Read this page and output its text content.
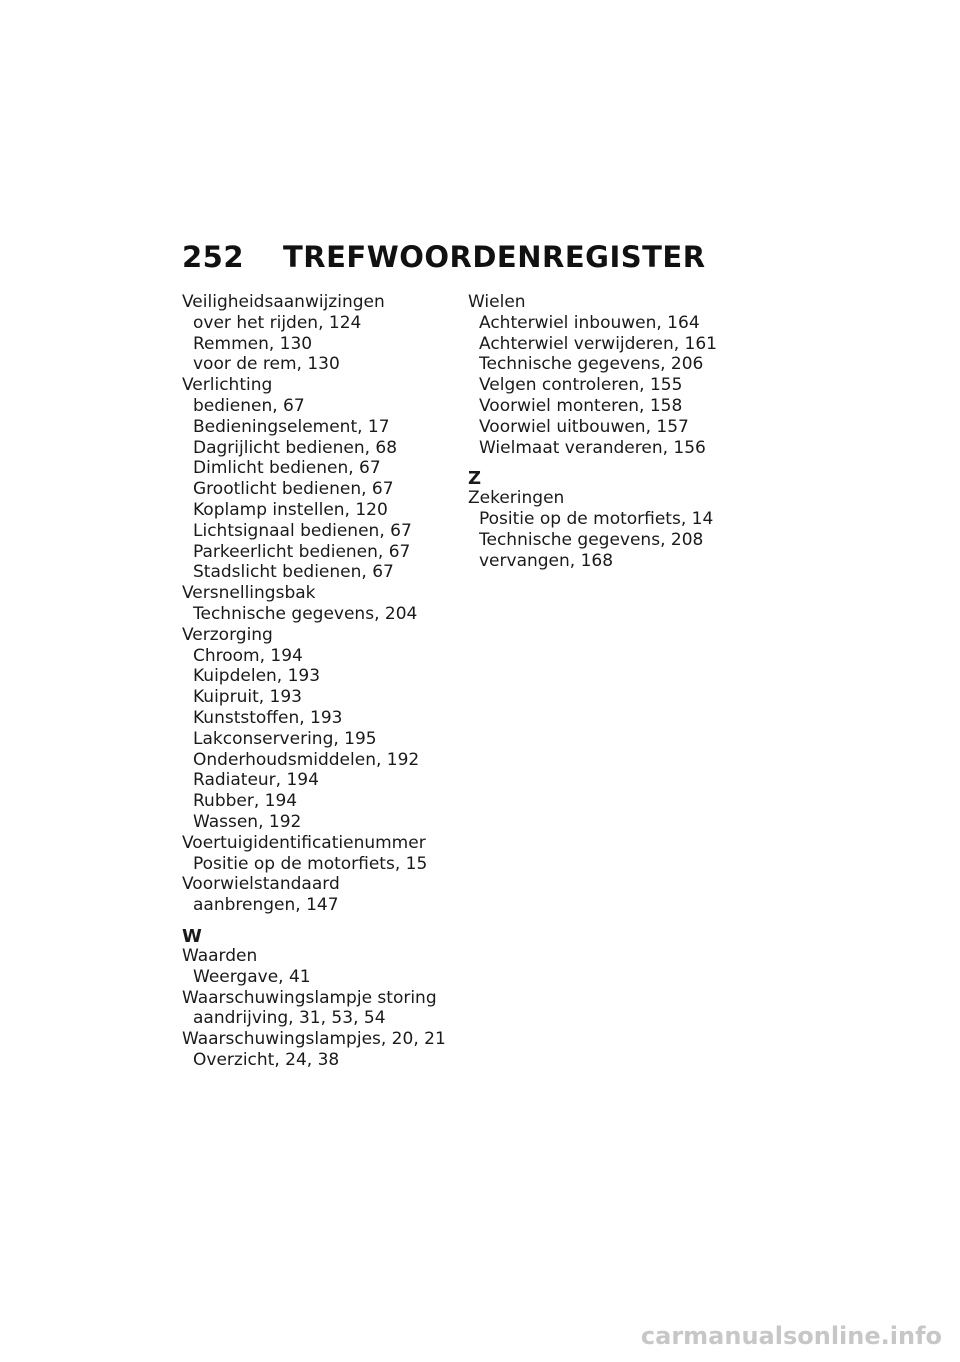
252 TREFWOORDENREGISTER
Veiligheidsaanwijzingen
over het rijden, 124
Remmen, 130
voor de rem, 130
Verlichting
bedienen, 67
Bedieningselement, 17
Dagrijlicht bedienen, 68
Dimlicht bedienen, 67
Grootlicht bedienen, 67
Koplamp instellen, 120
Lichtsignaal bedienen, 67
Parkeerlicht bedienen, 67
Stadslicht bedienen, 67
Versnellingsbak
Technische gegevens, 204
Verzorging
Chroom, 194
Kuipdelen, 193
Kuipruit, 193
Kunststoffen, 193
Lakconservering, 195
Onderhoudsmiddelen, 192
Radiateur, 194
Rubber, 194
Wassen, 192
Voertuigidentificatienummer
Positie op de motorfiets, 15
Voorwielstandaard
aanbrengen, 147
W
Waarden
Weergave, 41
Waarschuwingslampje storing
aandrijving, 31, 53, 54
Waarschuwingslampjes, 20, 21
Overzicht, 24, 38
Wielen
Achterwiel inbouwen, 164
Achterwiel verwijderen, 161
Technische gegevens, 206
Velgen controleren, 155
Voorwiel monteren, 158
Voorwiel uitbouwen, 157
Wielmaat veranderen, 156
Z
Zekeringen
Positie op de motorfiets, 14
Technische gegevens, 208
vervangen, 168
carmanualsonline.info
